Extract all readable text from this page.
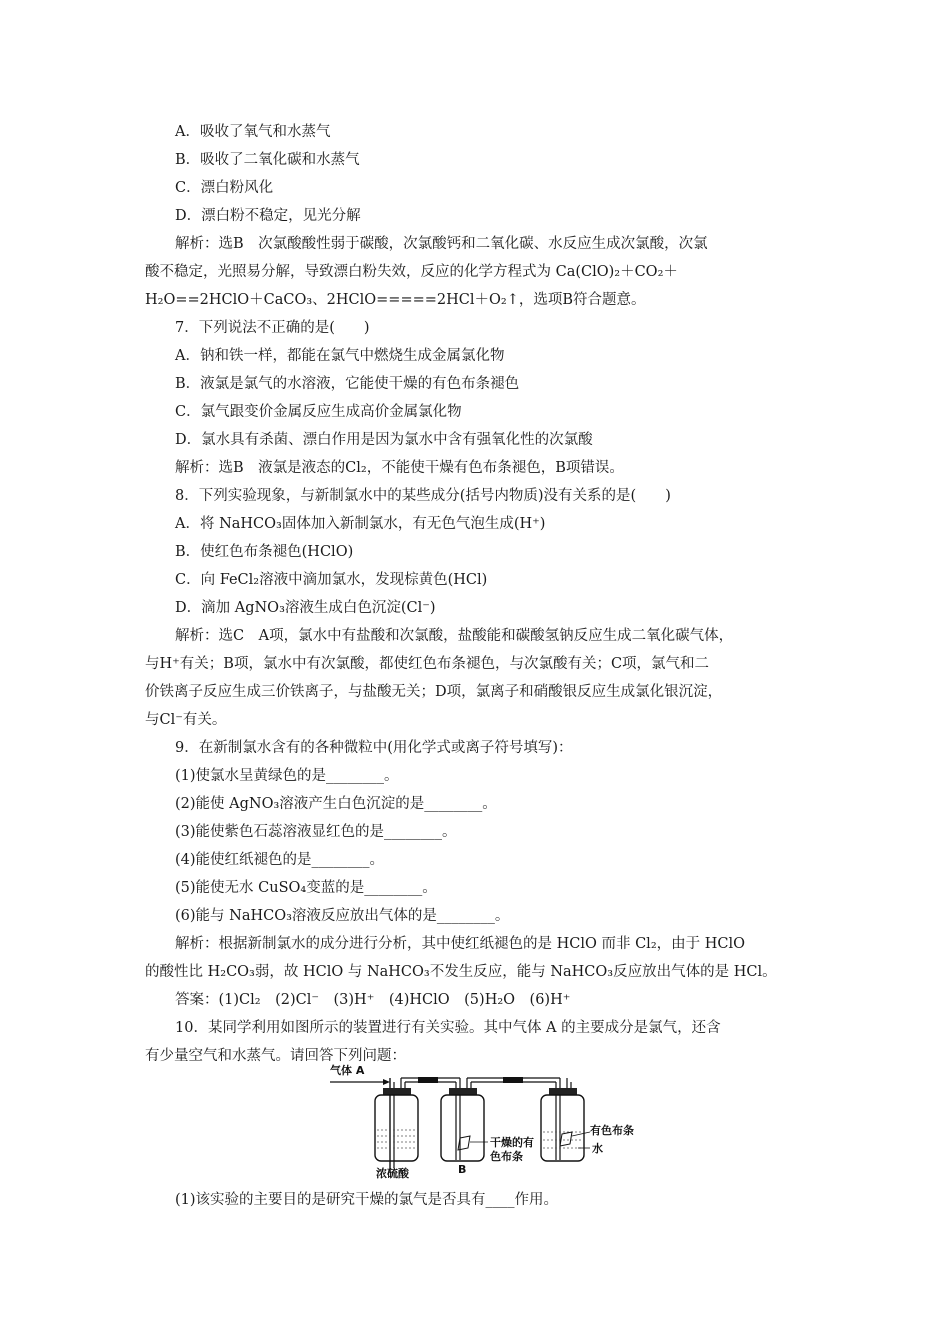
A．吸收了氧气和水蒸气
B．吸收了二氧化碳和水蒸气
C．漂白粉风化
D．漂白粉不稳定，见光分解
解析：选B　次氯酸酸性弱于碳酸，次氯酸钙和二氧化碳、水反应生成次氯酸，次氯
酸不稳定，光照易分解，导致漂白粉失效，反应的化学方程式为 Ca(ClO)₂＋CO₂＋
H₂O==2HClO＋CaCO₃、2HClO=====2HCl＋O₂↑，选项B符合题意。
7．下列说法不正确的是(　　)
A．钠和铁一样，都能在氯气中燃烧生成金属氯化物
B．液氯是氯气的水溶液，它能使干燥的有色布条褪色
C．氯气跟变价金属反应生成高价金属氯化物
D．氯水具有杀菌、漂白作用是因为氯水中含有强氧化性的次氯酸
解析：选B　液氯是液态的Cl₂，不能使干燥有色布条褪色，B项错误。
8．下列实验现象，与新制氯水中的某些成分(括号内物质)没有关系的是(　　)
A．将 NaHCO₃固体加入新制氯水，有无色气泡生成(H⁺)
B．使红色布条褪色(HClO)
C．向 FeCl₂溶液中滴加氯水，发现棕黄色(HCl)
D．滴加 AgNO₃溶液生成白色沉淀(Cl⁻)
解析：选C　A项，氯水中有盐酸和次氯酸，盐酸能和碳酸氢钠反应生成二氧化碳气体，
与H⁺有关；B项，氯水中有次氯酸，都使红色布条褪色，与次氯酸有关；C项，氯气和二
价铁离子反应生成三价铁离子，与盐酸无关；D项，氯离子和硝酸银反应生成氯化银沉淀，
与Cl⁻有关。
9．在新制氯水含有的各种微粒中(用化学式或离子符号填写)：
(1)使氯水呈黄绿色的是________。
(2)能使 AgNO₃溶液产生白色沉淀的是________。
(3)能使紫色石蕊溶液显红色的是________。
(4)能使红纸褪色的是________。
(5)能使无水 CuSO₄变蓝的是________。
(6)能与 NaHCO₃溶液反应放出气体的是________。
解析：根据新制氯水的成分进行分析，其中使红纸褪色的是 HClO 而非 Cl₂，由于 HClO
的酸性比 H₂CO₃弱，故 HClO 与 NaHCO₃不发生反应，能与 NaHCO₃反应放出气体的是 HCl。
答案：(1)Cl₂　(2)Cl⁻　(3)H⁺　(4)HClO　(5)H₂O　(6)H⁺
10．某同学利用如图所示的装置进行有关实验。其中气体 A 的主要成分是氯气，还含
有少量空气和水蒸气。请回答下列问题：
气体 A
浓硫酸
干燥的有
色布条
B
有色布条
水
(1)该实验的主要目的是研究干燥的氯气是否具有____作用。
